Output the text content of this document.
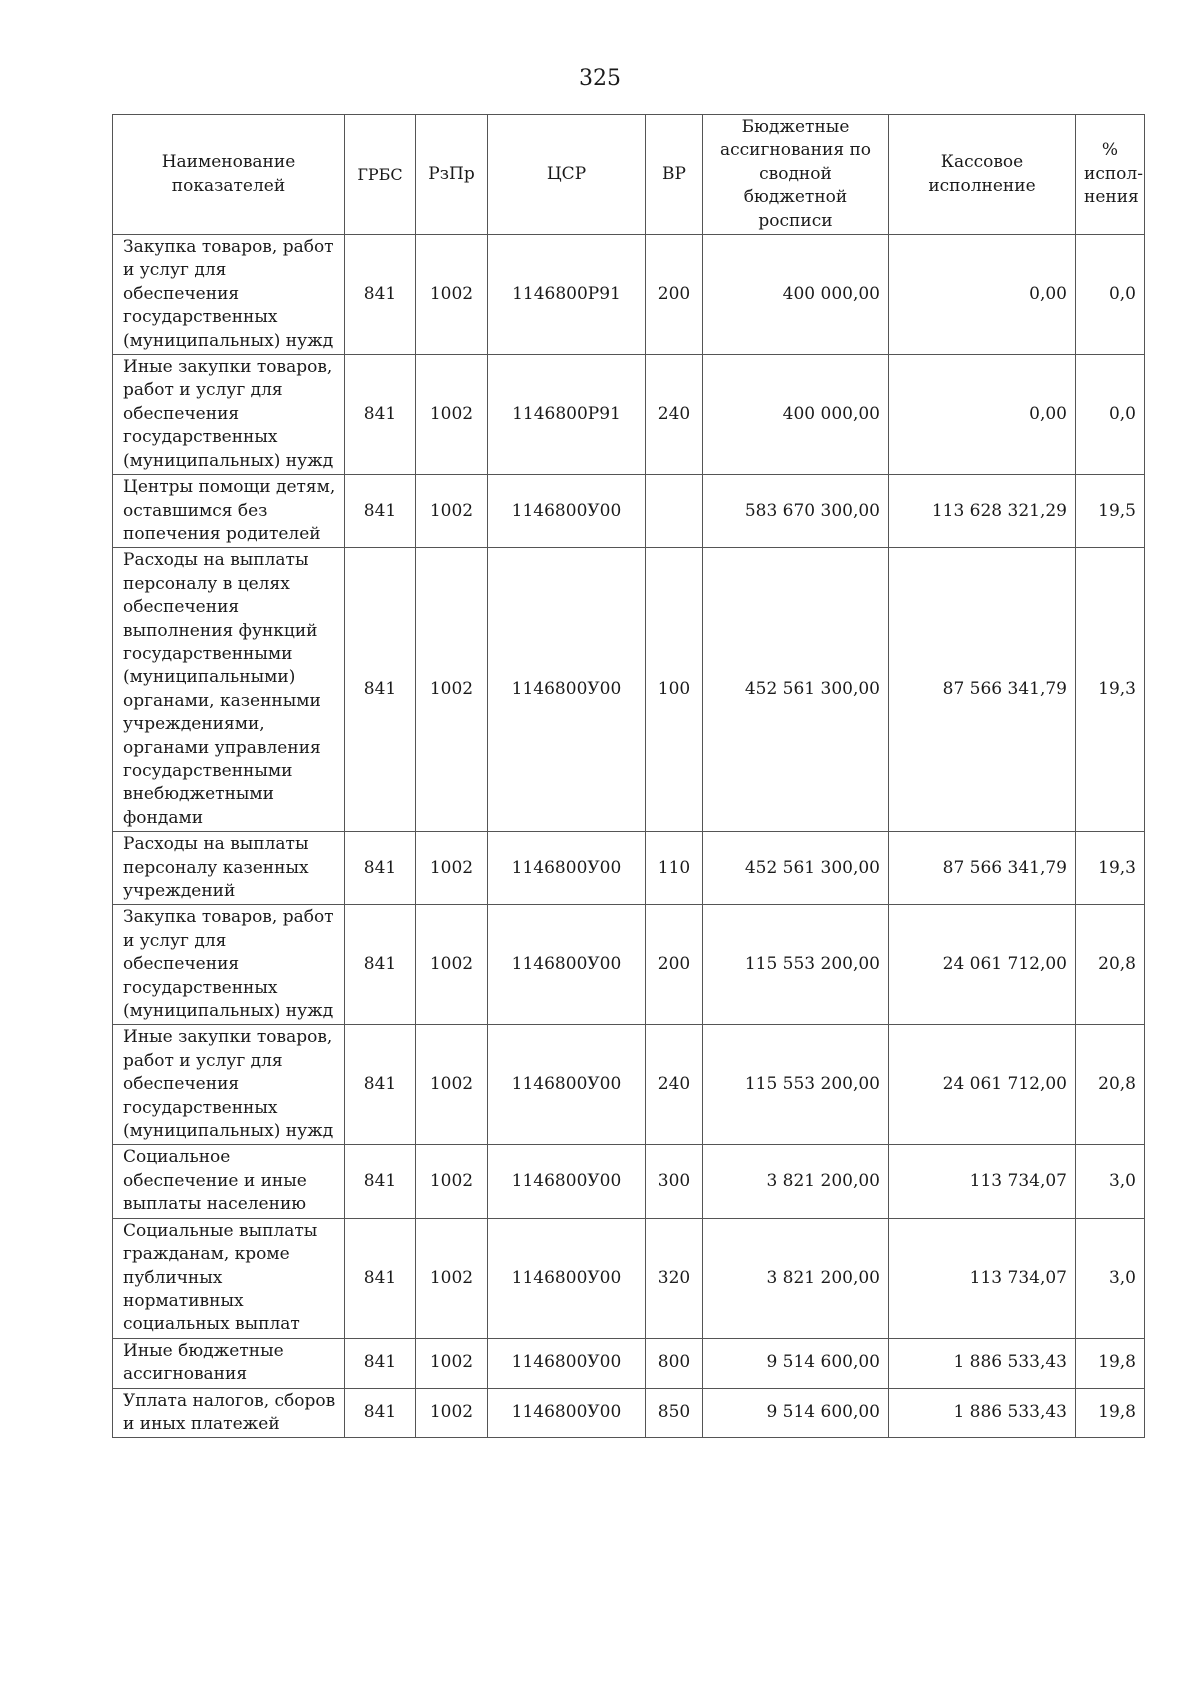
325
Наименование показателей	ГРБС	РзПр	ЦСР	ВР	Бюджетные ассигнования по сводной бюджетной росписи	Кассовое исполнение	% испол-нения
Закупка товаров, работ и услуг для обеспечения государственных (муниципальных) нужд	841	1002	1146800P91	200	400 000,00	0,00	0,0
Иные закупки товаров, работ и услуг для обеспечения государственных (муниципальных) нужд	841	1002	1146800P91	240	400 000,00	0,00	0,0
Центры помощи детям, оставшимся без попечения родителей	841	1002	1146800У00		583 670 300,00	113 628 321,29	19,5
Расходы на выплаты персоналу в целях обеспечения выполнения функций государственными (муниципальными) органами, казенными учреждениями, органами управления государственными внебюджетными фондами	841	1002	1146800У00	100	452 561 300,00	87 566 341,79	19,3
Расходы на выплаты персоналу казенных учреждений	841	1002	1146800У00	110	452 561 300,00	87 566 341,79	19,3
Закупка товаров, работ и услуг для обеспечения государственных (муниципальных) нужд	841	1002	1146800У00	200	115 553 200,00	24 061 712,00	20,8
Иные закупки товаров, работ и услуг для обеспечения государственных (муниципальных) нужд	841	1002	1146800У00	240	115 553 200,00	24 061 712,00	20,8
Социальное обеспечение и иные выплаты населению	841	1002	1146800У00	300	3 821 200,00	113 734,07	3,0
Социальные выплаты гражданам, кроме публичных нормативных социальных выплат	841	1002	1146800У00	320	3 821 200,00	113 734,07	3,0
Иные бюджетные ассигнования	841	1002	1146800У00	800	9 514 600,00	1 886 533,43	19,8
Уплата налогов, сборов и иных платежей	841	1002	1146800У00	850	9 514 600,00	1 886 533,43	19,8
